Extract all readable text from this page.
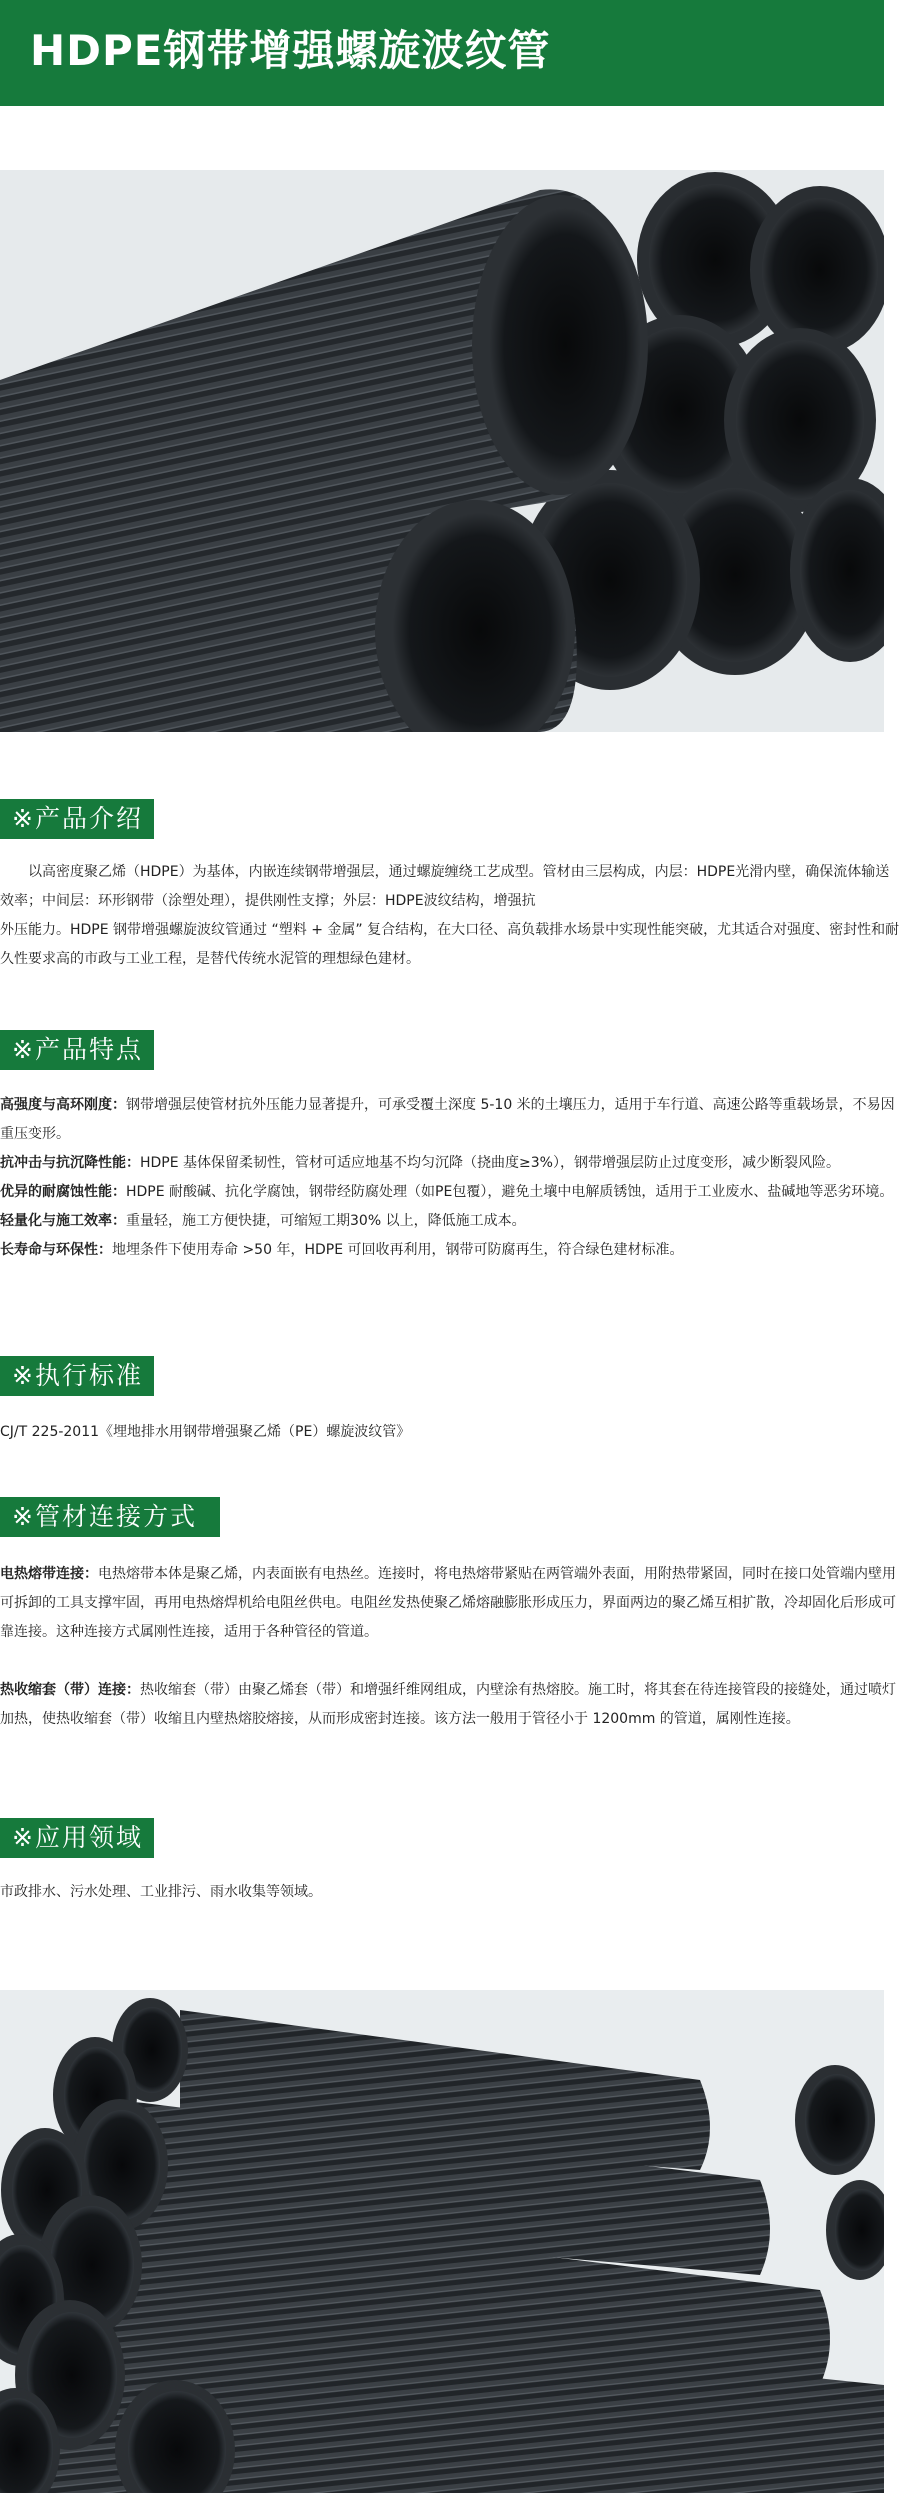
HDPE钢带增强螺旋波纹管
※产品介绍
以高密度聚乙烯（HDPE）为基体，内嵌连续钢带增强层，通过螺旋缠绕工艺成型。管材由三层构成，内层：HDPE光滑内壁，确保流体输送效率；中间层：环形钢带（涂塑处理），提供刚性支撑；外层：HDPE波纹结构，增强抗
外压能力。HDPE 钢带增强螺旋波纹管通过 “塑料 + 金属” 复合结构，在大口径、高负载排水场景中实现性能突破，尤其适合对强度、密封性和耐久性要求高的市政与工业工程，是替代传统水泥管的理想绿色建材。
※产品特点

高强度与高环刚度：钢带增强层使管材抗外压能力显著提升，可承受覆土深度 5-10 米的土壤压力，适用于车行道、高速公路等重载场景，不易因重压变形。

抗冲击与抗沉降性能：HDPE 基体保留柔韧性，管材可适应地基不均匀沉降（挠曲度≥3%），钢带增强层防止过度变形，减少断裂风险。

优异的耐腐蚀性能：HDPE 耐酸碱、抗化学腐蚀，钢带经防腐处理（如PE包覆），避免土壤中电解质锈蚀，适用于工业废水、盐碱地等恶劣环境。

轻量化与施工效率：重量轻，施工方便快捷，可缩短工期30% 以上，降低施工成本。

长寿命与环保性：地埋条件下使用寿命 >50 年，HDPE 可回收再利用，钢带可防腐再生，符合绿色建材标准。

※执行标准
CJ/T 225-2011《埋地排水用钢带增强聚乙烯（PE）螺旋波纹管》
※管材连接方式

电热熔带连接：电热熔带本体是聚乙烯，内表面嵌有电热丝。连接时，将电热熔带紧贴在两管端外表面，用附热带紧固，同时在接口处管端内壁用可拆卸的工具支撑牢固，再用电热熔焊机给电阻丝供电。电阻丝发热使聚乙烯熔融膨胀形成压力，界面两边的聚乙烯互相扩散，冷却固化后形成可靠连接。这种连接方式属刚性连接，适用于各种管径的管道。

热收缩套（带）连接：热收缩套（带）由聚乙烯套（带）和增强纤维网组成，内壁涂有热熔胶。施工时，将其套在待连接管段的接缝处，通过喷灯加热，使热收缩套（带）收缩且内壁热熔胶熔接，从而形成密封连接。该方法一般用于管径小于 1200mm 的管道，属刚性连接。

※应用领域
市政排水、污水处理、工业排污、雨水收集等领域。
